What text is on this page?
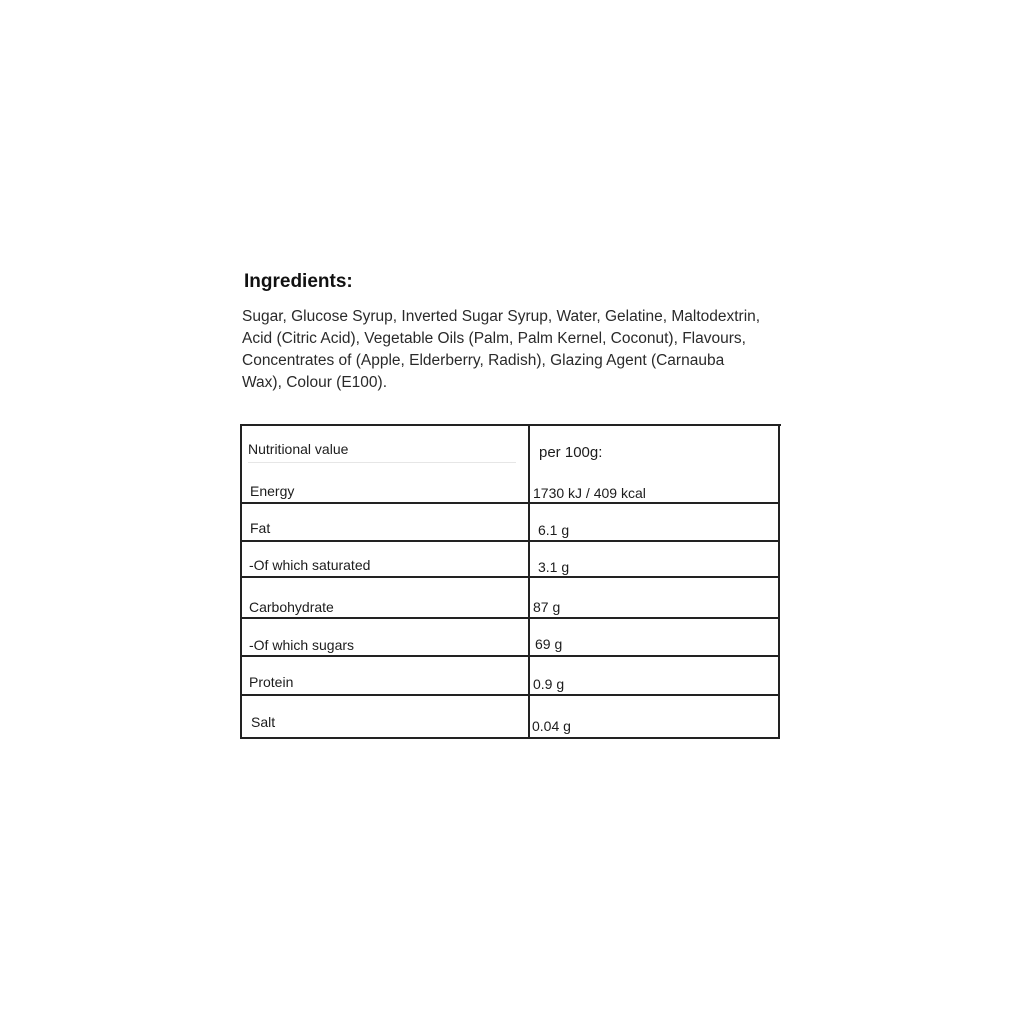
Ingredients:

Sugar, Glucose Syrup, Inverted Sugar Syrup, Water, Gelatine, Maltodextrin,
Acid (Citric Acid), Vegetable Oils (Palm, Palm Kernel, Coconut), Flavours,
Concentrates of (Apple, Elderberry, Radish), Glazing Agent (Carnauba
Wax), Colour (E100).

Nutritional value	per 100g:
Energy	1730 kJ / 409 kcal
Fat	6.1 g
-Of which saturated	3.1 g
Carbohydrate	87 g
-Of which sugars	69 g
Protein	0.9 g
Salt	0.04 g
